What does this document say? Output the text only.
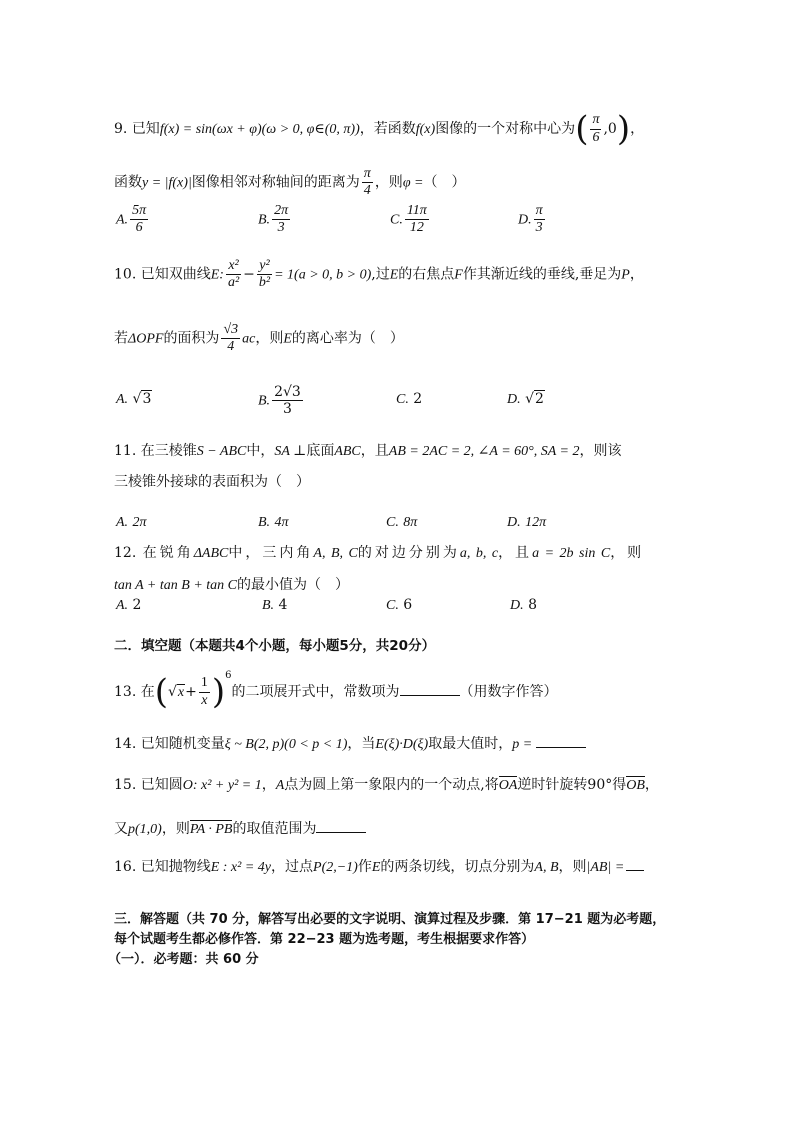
9. 已知f(x) = sin(ωx + φ)(ω > 0, φ∈(0, π))，若函数f(x)图像的一个对称中心为( $\frac{\pi}{6} ,0$)，
函数y = |f(x)|图像相邻对称轴间的距离为 $\frac{\pi}{4}$ ，则φ =（　）
A. $\frac{5\pi}{6}$	B. $\frac{2\pi}{3}$	C. $\frac{11\pi}{12}$	D. $\frac{\pi}{3}$
10. 已知双曲线E: $\frac{\text{x²}}{\text{a²}} - \frac{\text{y²}}{\text{b²}} = 1(a > 0$, b > 0),过E的右焦点F作其渐近线的垂线,垂足为P，
若ΔOPF的面积为 $\frac{√3}{4}$ ac，则E的离心率为（　）
A. √3	B. $\frac{2√3}{3}$	C. 2	D. √2
11. 在三棱锥S − ABC中，SA ⊥底面ABC，且AB = 2AC = 2, ∠A = 60°, SA = 2，则该
三棱锥外接球的表面积为（　）
A. 2π	B. 4π	C. 8π	D. 12π
12. 在锐角ΔABC中，三内角A, B, C的对边分别为a, b, c，且a = 2b sin C，则
tan A + tan B + tan C的最小值为（　）
A. 2	B. 4	C. 6	D. 8
二．填空题（本题共4个小题，每小题5分，共20分）
13. 在$(√x+ \frac{1}{x} )^6$的二项展开式中，常数项为	（用数字作答）
14. 已知随机变量ξ ~ B(2, p)(0 < p < 1)，当E(ξ)·D(ξ)取最大值时，p =
15. 已知圆O: x² + y² = 1，A点为圆上第一象限内的一个动点,将OA逆时针旋转90°得OB，
又p(1,0)，则PA · PB的取值范围为
16. 已知抛物线E : x² = 4y，过点P(2,−1)作E的两条切线，切点分别为A, B，则|AB| =
三．解答题（共 70 分，解答写出必要的文字说明、演算过程及步骤．第 17−21 题为必考题，
每个试题考生都必修作答．第 22−23 题为选考题，考生根据要求作答）
（一）．必考题：共 60 分
